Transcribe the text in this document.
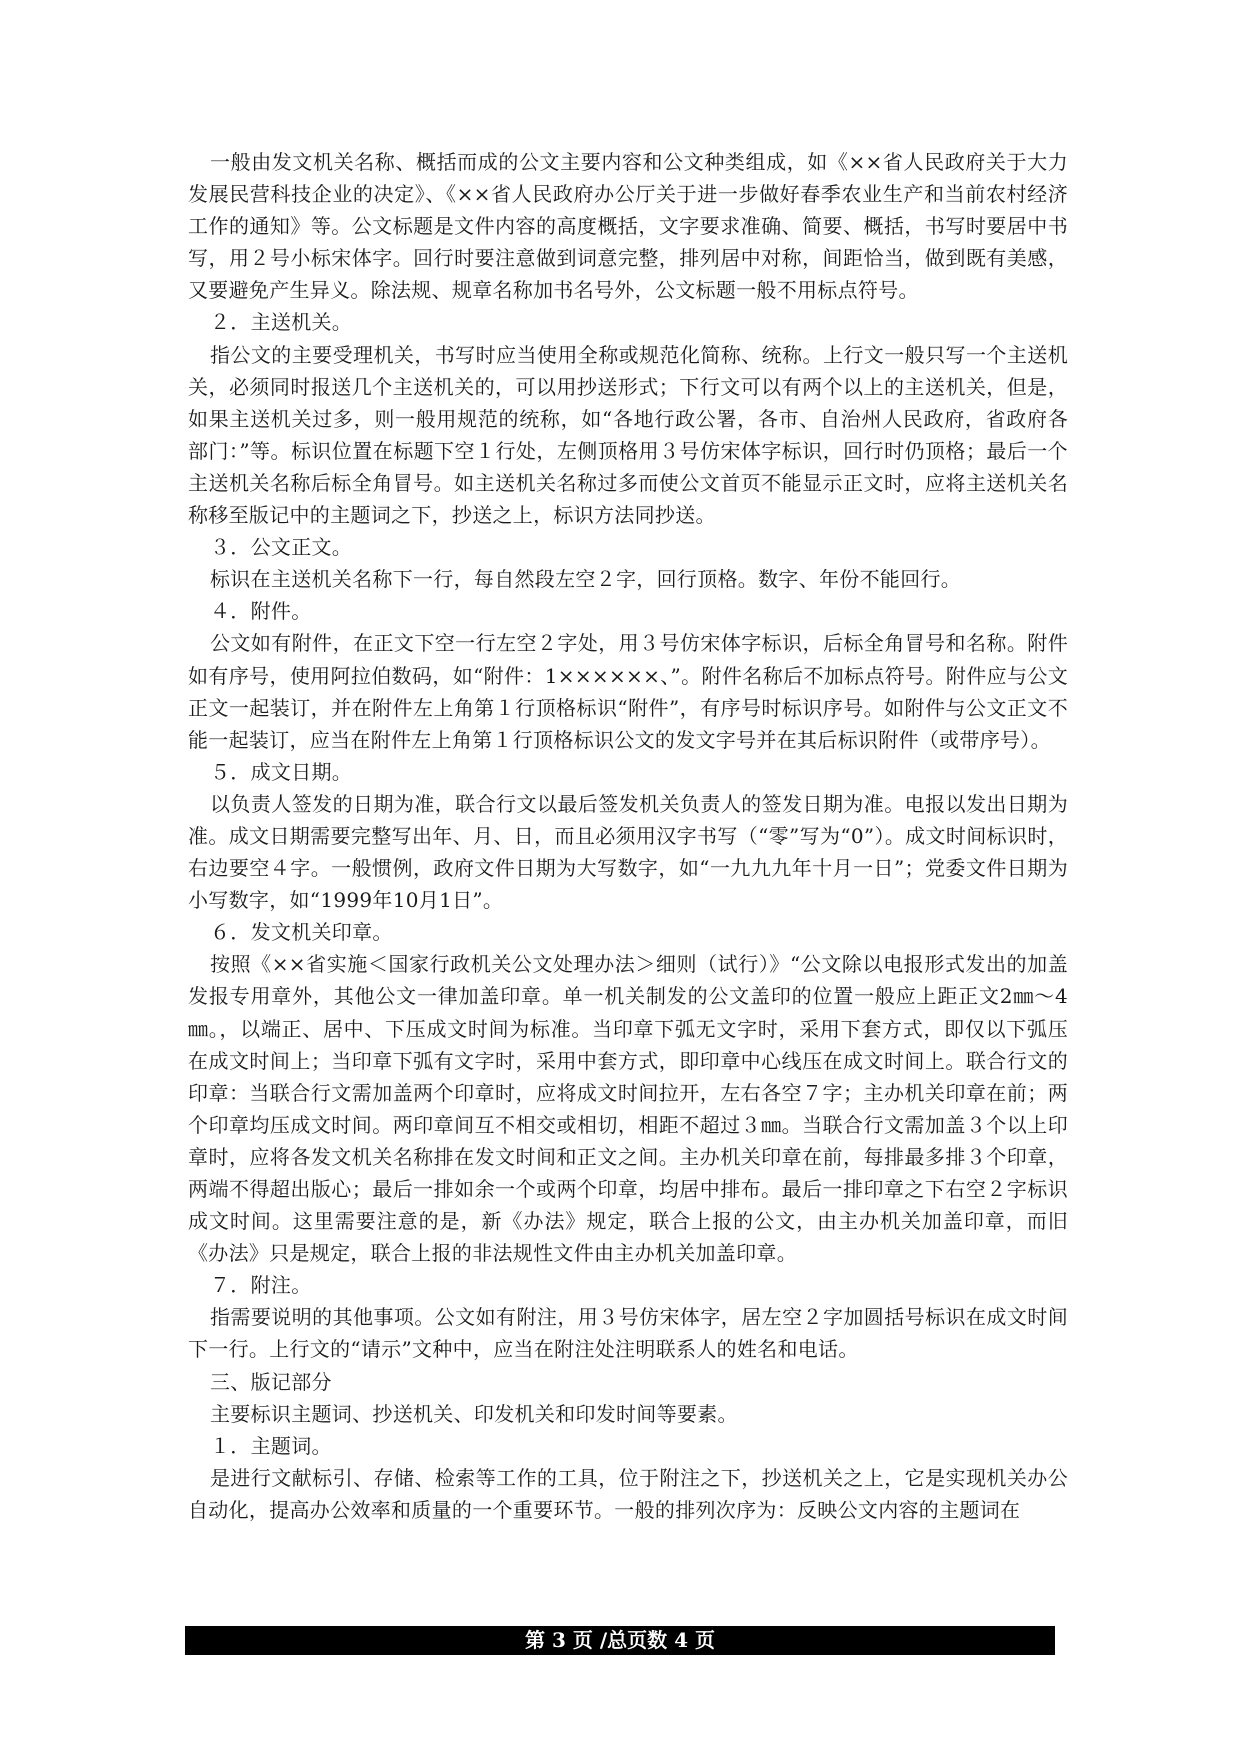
一般由发文机关名称、概括而成的公文主要内容和公文种类组成，如《××省人民政府关于大力发展民营科技企业的决定》、《××省人民政府办公厅关于进一步做好春季农业生产和当前农村经济工作的通知》等。公文标题是文件内容的高度概括，文字要求准确、简要、概括，书写时要居中书写，用２号小标宋体字。回行时要注意做到词意完整，排列居中对称，间距恰当，做到既有美感，又要避免产生异义。除法规、规章名称加书名号外，公文标题一般不用标点符号。

２．主送机关。

指公文的主要受理机关，书写时应当使用全称或规范化简称、统称。上行文一般只写一个主送机关，必须同时报送几个主送机关的，可以用抄送形式；下行文可以有两个以上的主送机关，但是，如果主送机关过多，则一般用规范的统称，如“各地行政公署，各市、自治州人民政府，省政府各部门：”等。标识位置在标题下空１行处，左侧顶格用３号仿宋体字标识，回行时仍顶格；最后一个主送机关名称后标全角冒号。如主送机关名称过多而使公文首页不能显示正文时，应将主送机关名称移至版记中的主题词之下，抄送之上，标识方法同抄送。

３．公文正文。

标识在主送机关名称下一行，每自然段左空２字，回行顶格。数字、年份不能回行。

４．附件。

公文如有附件，在正文下空一行左空２字处，用３号仿宋体字标识，后标全角冒号和名称。附件如有序号，使用阿拉伯数码，如“附件：1××××××、”。附件名称后不加标点符号。附件应与公文正文一起装订，并在附件左上角第１行顶格标识“附件”，有序号时标识序号。如附件与公文正文不能一起装订，应当在附件左上角第１行顶格标识公文的发文字号并在其后标识附件（或带序号）。

５．成文日期。

以负责人签发的日期为准，联合行文以最后签发机关负责人的签发日期为准。电报以发出日期为准。成文日期需要完整写出年、月、日，而且必须用汉字书写（“零”写为“0”）。成文时间标识时，右边要空４字。一般惯例，政府文件日期为大写数字，如“一九九九年十月一日”；党委文件日期为小写数字，如“1999年10月1日”。

６．发文机关印章。

按照《××省实施＜国家行政机关公文处理办法＞细则（试行）》“公文除以电报形式发出的加盖发报专用章外，其他公文一律加盖印章。单一机关制发的公文盖印的位置一般应上距正文2㎜～4㎜。，以端正、居中、下压成文时间为标准。当印章下弧无文字时，采用下套方式，即仅以下弧压在成文时间上；当印章下弧有文字时，采用中套方式，即印章中心线压在成文时间上。联合行文的印章：当联合行文需加盖两个印章时，应将成文时间拉开，左右各空７字；主办机关印章在前；两个印章均压成文时间。两印章间互不相交或相切，相距不超过３㎜。当联合行文需加盖３个以上印章时，应将各发文机关名称排在发文时间和正文之间。主办机关印章在前，每排最多排３个印章，两端不得超出版心；最后一排如余一个或两个印章，均居中排布。最后一排印章之下右空２字标识成文时间。这里需要注意的是，新《办法》规定，联合上报的公文，由主办机关加盖印章，而旧《办法》只是规定，联合上报的非法规性文件由主办机关加盖印章。

７．附注。

指需要说明的其他事项。公文如有附注，用３号仿宋体字，居左空２字加圆括号标识在成文时间下一行。上行文的“请示”文种中，应当在附注处注明联系人的姓名和电话。

三、版记部分

主要标识主题词、抄送机关、印发机关和印发时间等要素。

１．主题词。

是进行文献标引、存储、检索等工作的工具，位于附注之下，抄送机关之上，它是实现机关办公自动化，提高办公效率和质量的一个重要环节。一般的排列次序为：反映公文内容的主题词在

第 3 页 /总页数 4 页
